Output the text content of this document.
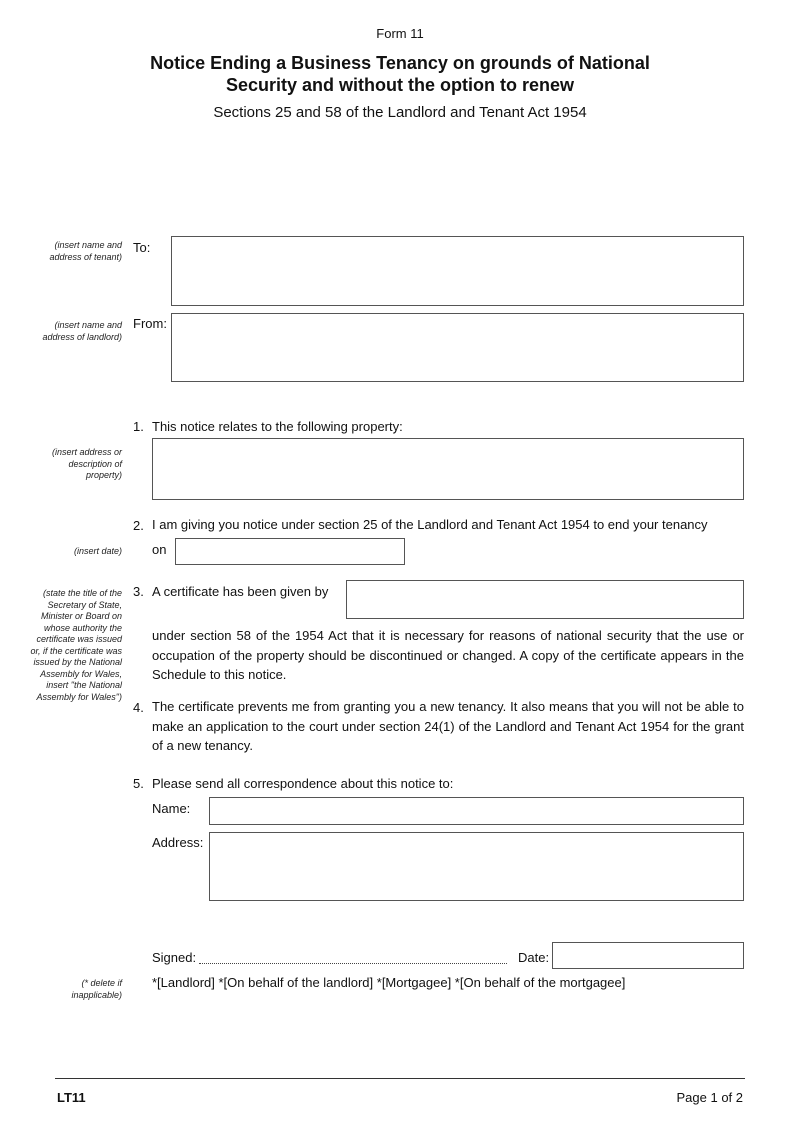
Form 11
Notice Ending a Business Tenancy on grounds of National
Security and without the option to renew
Sections 25 and 58 of the Landlord and Tenant Act 1954
(insert name and address of tenant)
To:
(insert name and address of landlord)
From:
1. This notice relates to the following property:
(insert address or description of property)
2. I am giving you notice under section 25 of the Landlord and Tenant Act 1954 to end your tenancy
on
(insert date)
3. A certificate has been given by
(state the title of the Secretary of State, Minister or Board on whose authority the certificate was issued or, if the certificate was issued by the National Assembly for Wales, insert "the National Assembly for Wales")
under section 58 of the 1954 Act that it is necessary for reasons of national security that the use or occupation of the property should be discontinued or changed. A copy of the certificate appears in the Schedule to this notice.
4. The certificate prevents me from granting you a new tenancy. It also means that you will not be able to make an application to the court under section 24(1) of the Landlord and Tenant Act 1954 for the grant of a new tenancy.
5. Please send all correspondence about this notice to:
Name:
Address:
Signed:	Date:
(* delete if inapplicable)
*[Landlord] *[On behalf of the landlord] *[Mortgagee] *[On behalf of the mortgagee]
LT11	Page 1 of 2
